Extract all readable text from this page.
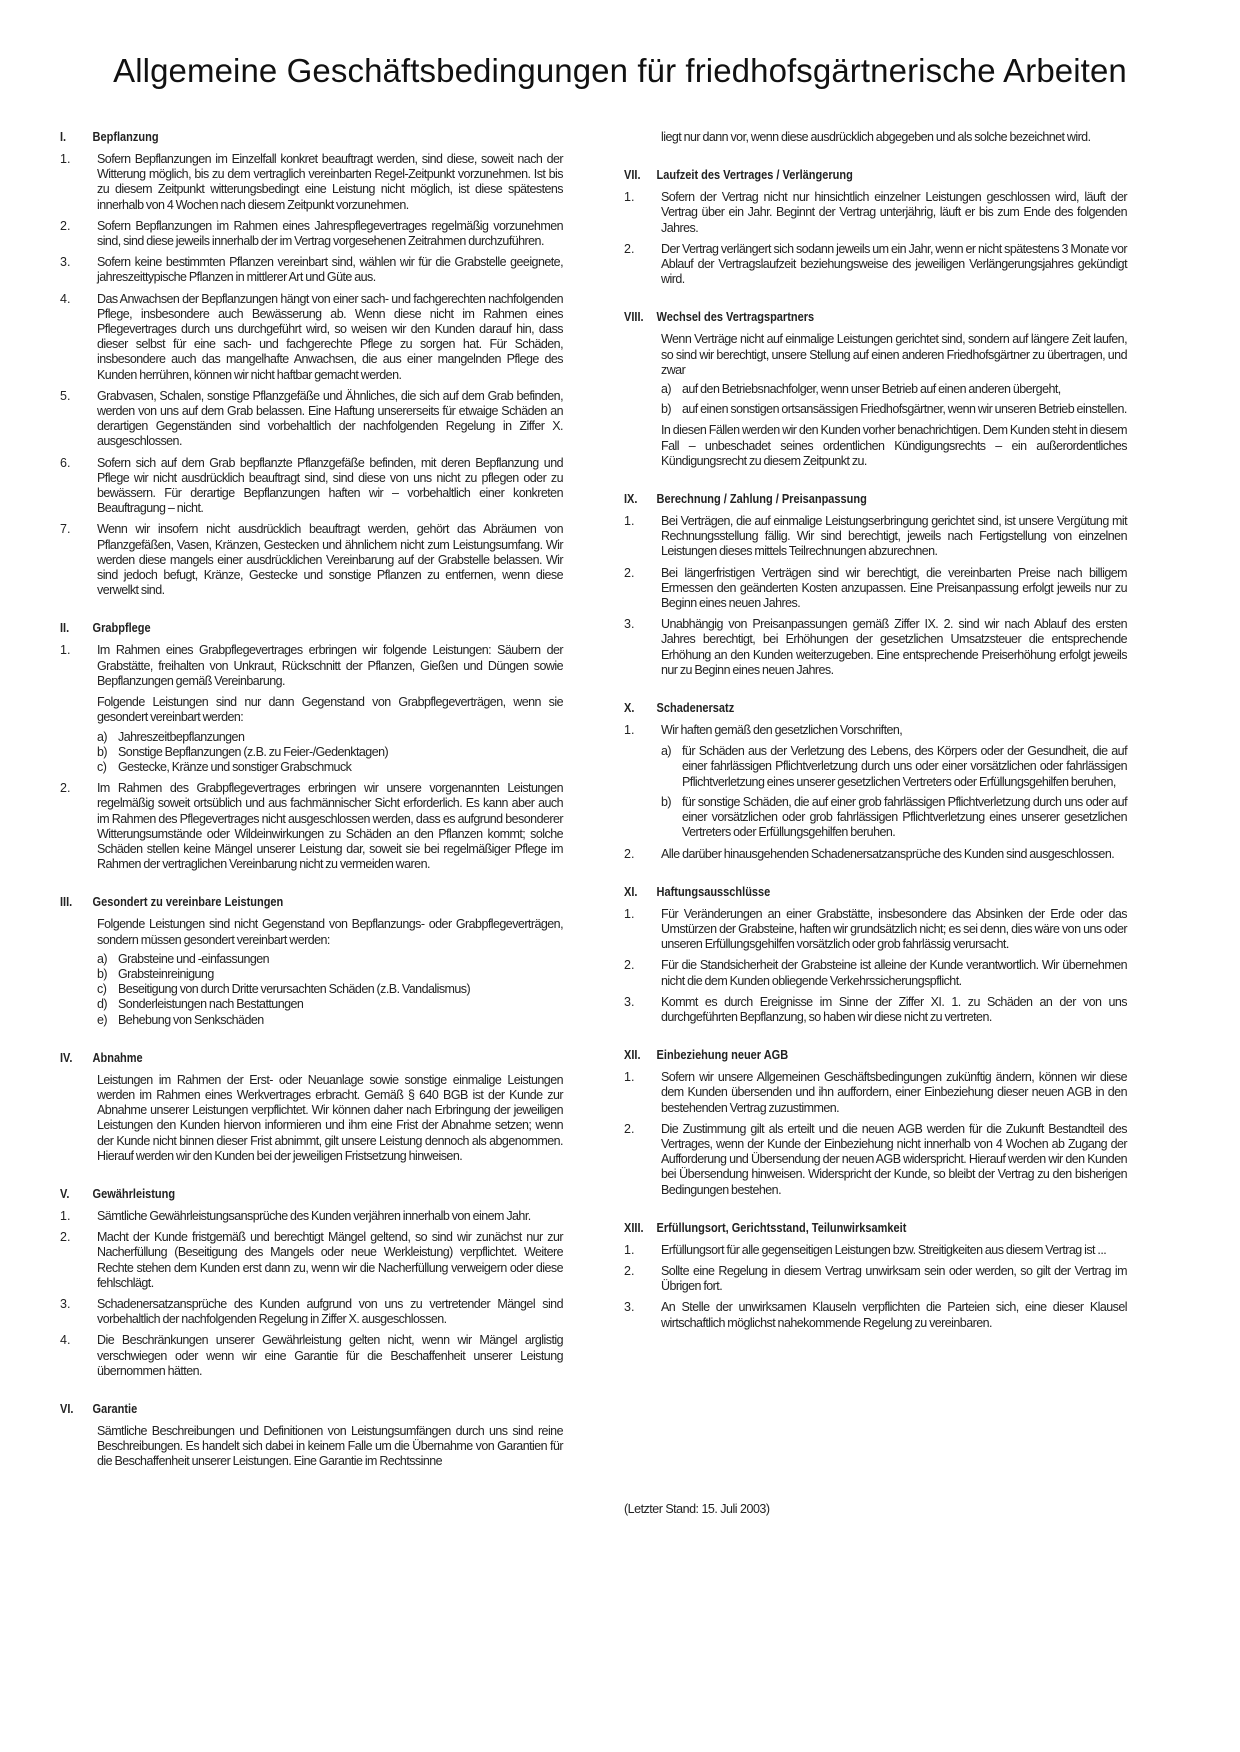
Allgemeine Geschäftsbedingungen für friedhofsgärtnerische Arbeiten
I.	Bepflanzung
1.	Sofern Bepflanzungen im Einzelfall konkret beauftragt werden, sind diese, soweit nach der Witterung möglich, bis zu dem vertraglich vereinbarten Regel-Zeitpunkt vorzunehmen. Ist bis zu diesem Zeitpunkt witterungsbedingt eine Leistung nicht möglich, ist diese spätestens innerhalb von 4 Wochen nach diesem Zeitpunkt vorzunehmen.
2.	Sofern Bepflanzungen im Rahmen eines Jahrespflegevertrages regelmäßig vorzunehmen sind, sind diese jeweils innerhalb der im Vertrag vorgesehenen Zeitrahmen durchzuführen.
3.	Sofern keine bestimmten Pflanzen vereinbart sind, wählen wir für die Grabstelle geeignete, jahreszeittypische Pflanzen in mittlerer Art und Güte aus.
4.	Das Anwachsen der Bepflanzungen hängt von einer sach- und fachgerechten nachfolgenden Pflege, insbesondere auch Bewässerung ab. Wenn diese nicht im Rahmen eines Pflegevertrages durch uns durchgeführt wird, so weisen wir den Kunden darauf hin, dass dieser selbst für eine sach- und fachgerechte Pflege zu sorgen hat. Für Schäden, insbesondere auch das mangelhafte Anwachsen, die aus einer mangelnden Pflege des Kunden herrühren, können wir nicht haftbar gemacht werden.
5.	Grabvasen, Schalen, sonstige Pflanzgefäße und Ähnliches, die sich auf dem Grab befinden, werden von uns auf dem Grab belassen. Eine Haftung unsererseits für etwaige Schäden an derartigen Gegenständen sind vorbehaltlich der nachfolgenden Regelung in Ziffer X. ausgeschlossen.
6.	Sofern sich auf dem Grab bepflanzte Pflanzgefäße befinden, mit deren Bepflanzung und Pflege wir nicht ausdrücklich beauftragt sind, sind diese von uns nicht zu pflegen oder zu bewässern. Für derartige Bepflanzungen haften wir – vorbehaltlich einer konkreten Beauftragung – nicht.
7.	Wenn wir insofern nicht ausdrücklich beauftragt werden, gehört das Abräumen von Pflanzgefäßen, Vasen, Kränzen, Gestecken und ähnlichem nicht zum Leistungsumfang. Wir werden diese mangels einer ausdrücklichen Vereinbarung auf der Grabstelle belassen. Wir sind jedoch befugt, Kränze, Gestecke und sonstige Pflanzen zu entfernen, wenn diese verwelkt sind.
II.	Grabpflege
1.	Im Rahmen eines Grabpflegevertrages erbringen wir folgende Leistungen: Säubern der Grabstätte, freihalten von Unkraut, Rückschnitt der Pflanzen, Gießen und Düngen sowie Bepflanzungen gemäß Vereinbarung.
Folgende Leistungen sind nur dann Gegenstand von Grabpflegeverträgen, wenn sie gesondert vereinbart werden:
a) Jahreszeitbepflanzungen
b) Sonstige Bepflanzungen (z.B. zu Feier-/Gedenktagen)
c) Gestecke, Kränze und sonstiger Grabschmuck
2.	Im Rahmen des Grabpflegevertrages erbringen wir unsere vorgenannten Leistungen regelmäßig soweit ortsüblich und aus fachmännischer Sicht erforderlich. Es kann aber auch im Rahmen des Pflegevertrages nicht ausgeschlossen werden, dass es aufgrund besonderer Witterungsumstände oder Wildeinwirkungen zu Schäden an den Pflanzen kommt; solche Schäden stellen keine Mängel unserer Leistung dar, soweit sie bei regelmäßiger Pflege im Rahmen der vertraglichen Vereinbarung nicht zu vermeiden waren.
III.	Gesondert zu vereinbare Leistungen
Folgende Leistungen sind nicht Gegenstand von Bepflanzungs- oder Grabpflegeverträgen, sondern müssen gesondert vereinbart werden:
a) Grabsteine und -einfassungen
b) Grabsteinreinigung
c) Beseitigung von durch Dritte verursachten Schäden (z.B. Vandalismus)
d) Sonderleistungen nach Bestattungen
e) Behebung von Senkschäden
IV.	Abnahme
Leistungen im Rahmen der Erst- oder Neuanlage sowie sonstige einmalige Leistungen werden im Rahmen eines Werkvertrages erbracht. Gemäß § 640 BGB ist der Kunde zur Abnahme unserer Leistungen verpflichtet. Wir können daher nach Erbringung der jeweiligen Leistungen den Kunden hiervon informieren und ihm eine Frist der Abnahme setzen; wenn der Kunde nicht binnen dieser Frist abnimmt, gilt unsere Leistung dennoch als abgenommen. Hierauf werden wir den Kunden bei der jeweiligen Fristsetzung hinweisen.
V.	Gewährleistung
1.	Sämtliche Gewährleistungsansprüche des Kunden verjähren innerhalb von einem Jahr.
2.	Macht der Kunde fristgemäß und berechtigt Mängel geltend, so sind wir zunächst nur zur Nacherfüllung (Beseitigung des Mangels oder neue Werkleistung) verpflichtet. Weitere Rechte stehen dem Kunden erst dann zu, wenn wir die Nacherfüllung verweigern oder diese fehlschlägt.
3.	Schadenersatzansprüche des Kunden aufgrund von uns zu vertretender Mängel sind vorbehaltlich der nachfolgenden Regelung in Ziffer X. ausgeschlossen.
4.	Die Beschränkungen unserer Gewährleistung gelten nicht, wenn wir Mängel arglistig verschwiegen oder wenn wir eine Garantie für die Beschaffenheit unserer Leistung übernommen hätten.
VI.	Garantie
Sämtliche Beschreibungen und Definitionen von Leistungsumfängen durch uns sind reine Beschreibungen. Es handelt sich dabei in keinem Falle um die Übernahme von Garantien für die Beschaffenheit unserer Leistungen. Eine Garantie im Rechtssinne
liegt nur dann vor, wenn diese ausdrücklich abgegeben und als solche bezeichnet wird.
VII.	Laufzeit des Vertrages / Verlängerung
1.	Sofern der Vertrag nicht nur hinsichtlich einzelner Leistungen geschlossen wird, läuft der Vertrag über ein Jahr. Beginnt der Vertrag unterjährig, läuft er bis zum Ende des folgenden Jahres.
2.	Der Vertrag verlängert sich sodann jeweils um ein Jahr, wenn er nicht spätestens 3 Monate vor Ablauf der Vertragslaufzeit beziehungsweise des jeweiligen Verlängerungsjahres gekündigt wird.
VIII.	Wechsel des Vertragspartners
Wenn Verträge nicht auf einmalige Leistungen gerichtet sind, sondern auf längere Zeit laufen, so sind wir berechtigt, unsere Stellung auf einen anderen Friedhofsgärtner zu übertragen, und zwar
a) auf den Betriebsnachfolger, wenn unser Betrieb auf einen anderen übergeht,
b) auf einen sonstigen ortsansässigen Friedhofsgärtner, wenn wir unseren Betrieb einstellen.
In diesen Fällen werden wir den Kunden vorher benachrichtigen. Dem Kunden steht in diesem Fall – unbeschadet seines ordentlichen Kündigungsrechts – ein außerordentliches Kündigungsrecht zu diesem Zeitpunkt zu.
IX.	Berechnung / Zahlung / Preisanpassung
1.	Bei Verträgen, die auf einmalige Leistungserbringung gerichtet sind, ist unsere Vergütung mit Rechnungsstellung fällig. Wir sind berechtigt, jeweils nach Fertigstellung von einzelnen Leistungen dieses mittels Teilrechnungen abzurechnen.
2.	Bei längerfristigen Verträgen sind wir berechtigt, die vereinbarten Preise nach billigem Ermessen den geänderten Kosten anzupassen. Eine Preisanpassung erfolgt jeweils nur zu Beginn eines neuen Jahres.
3.	Unabhängig von Preisanpassungen gemäß Ziffer IX. 2. sind wir nach Ablauf des ersten Jahres berechtigt, bei Erhöhungen der gesetzlichen Umsatzsteuer die entsprechende Erhöhung an den Kunden weiterzugeben. Eine entsprechende Preiserhöhung erfolgt jeweils nur zu Beginn eines neuen Jahres.
X.	Schadenersatz
1.	Wir haften gemäß den gesetzlichen Vorschriften,
a) für Schäden aus der Verletzung des Lebens, des Körpers oder der Gesundheit, die auf einer fahrlässigen Pflichtverletzung durch uns oder einer vorsätzlichen oder fahrlässigen Pflichtverletzung eines unserer gesetzlichen Vertreters oder Erfüllungsgehilfen beruhen,
b) für sonstige Schäden, die auf einer grob fahrlässigen Pflichtverletzung durch uns oder auf einer vorsätzlichen oder grob fahrlässigen Pflichtverletzung eines unserer gesetzlichen Vertreters oder Erfüllungsgehilfen beruhen.
2.	Alle darüber hinausgehenden Schadenersatzansprüche des Kunden sind ausgeschlossen.
XI.	Haftungsausschlüsse
1.	Für Veränderungen an einer Grabstätte, insbesondere das Absinken der Erde oder das Umstürzen der Grabsteine, haften wir grundsätzlich nicht; es sei denn, dies wäre von uns oder unseren Erfüllungsgehilfen vorsätzlich oder grob fahrlässig verursacht.
2.	Für die Standsicherheit der Grabsteine ist alleine der Kunde verantwortlich. Wir übernehmen nicht die dem Kunden obliegende Verkehrssicherungspflicht.
3.	Kommt es durch Ereignisse im Sinne der Ziffer XI. 1. zu Schäden an der von uns durchgeführten Bepflanzung, so haben wir diese nicht zu vertreten.
XII.	Einbeziehung neuer AGB
1.	Sofern wir unsere Allgemeinen Geschäftsbedingungen zukünftig ändern, können wir diese dem Kunden übersenden und ihn auffordern, einer Einbeziehung dieser neuen AGB in den bestehenden Vertrag zuzustimmen.
2.	Die Zustimmung gilt als erteilt und die neuen AGB werden für die Zukunft Bestandteil des Vertrages, wenn der Kunde der Einbeziehung nicht innerhalb von 4 Wochen ab Zugang der Aufforderung und Übersendung der neuen AGB widerspricht. Hierauf werden wir den Kunden bei Übersendung hinweisen. Widerspricht der Kunde, so bleibt der Vertrag zu den bisherigen Bedingungen bestehen.
XIII.	Erfüllungsort, Gerichtsstand, Teilunwirksamkeit
1.	Erfüllungsort für alle gegenseitigen Leistungen bzw. Streitigkeiten aus diesem Vertrag ist ...
2.	Sollte eine Regelung in diesem Vertrag unwirksam sein oder werden, so gilt der Vertrag im Übrigen fort.
3.	An Stelle der unwirksamen Klauseln verpflichten die Parteien sich, eine dieser Klausel wirtschaftlich möglichst nahekommende Regelung zu vereinbaren.
(Letzter Stand: 15. Juli 2003)
